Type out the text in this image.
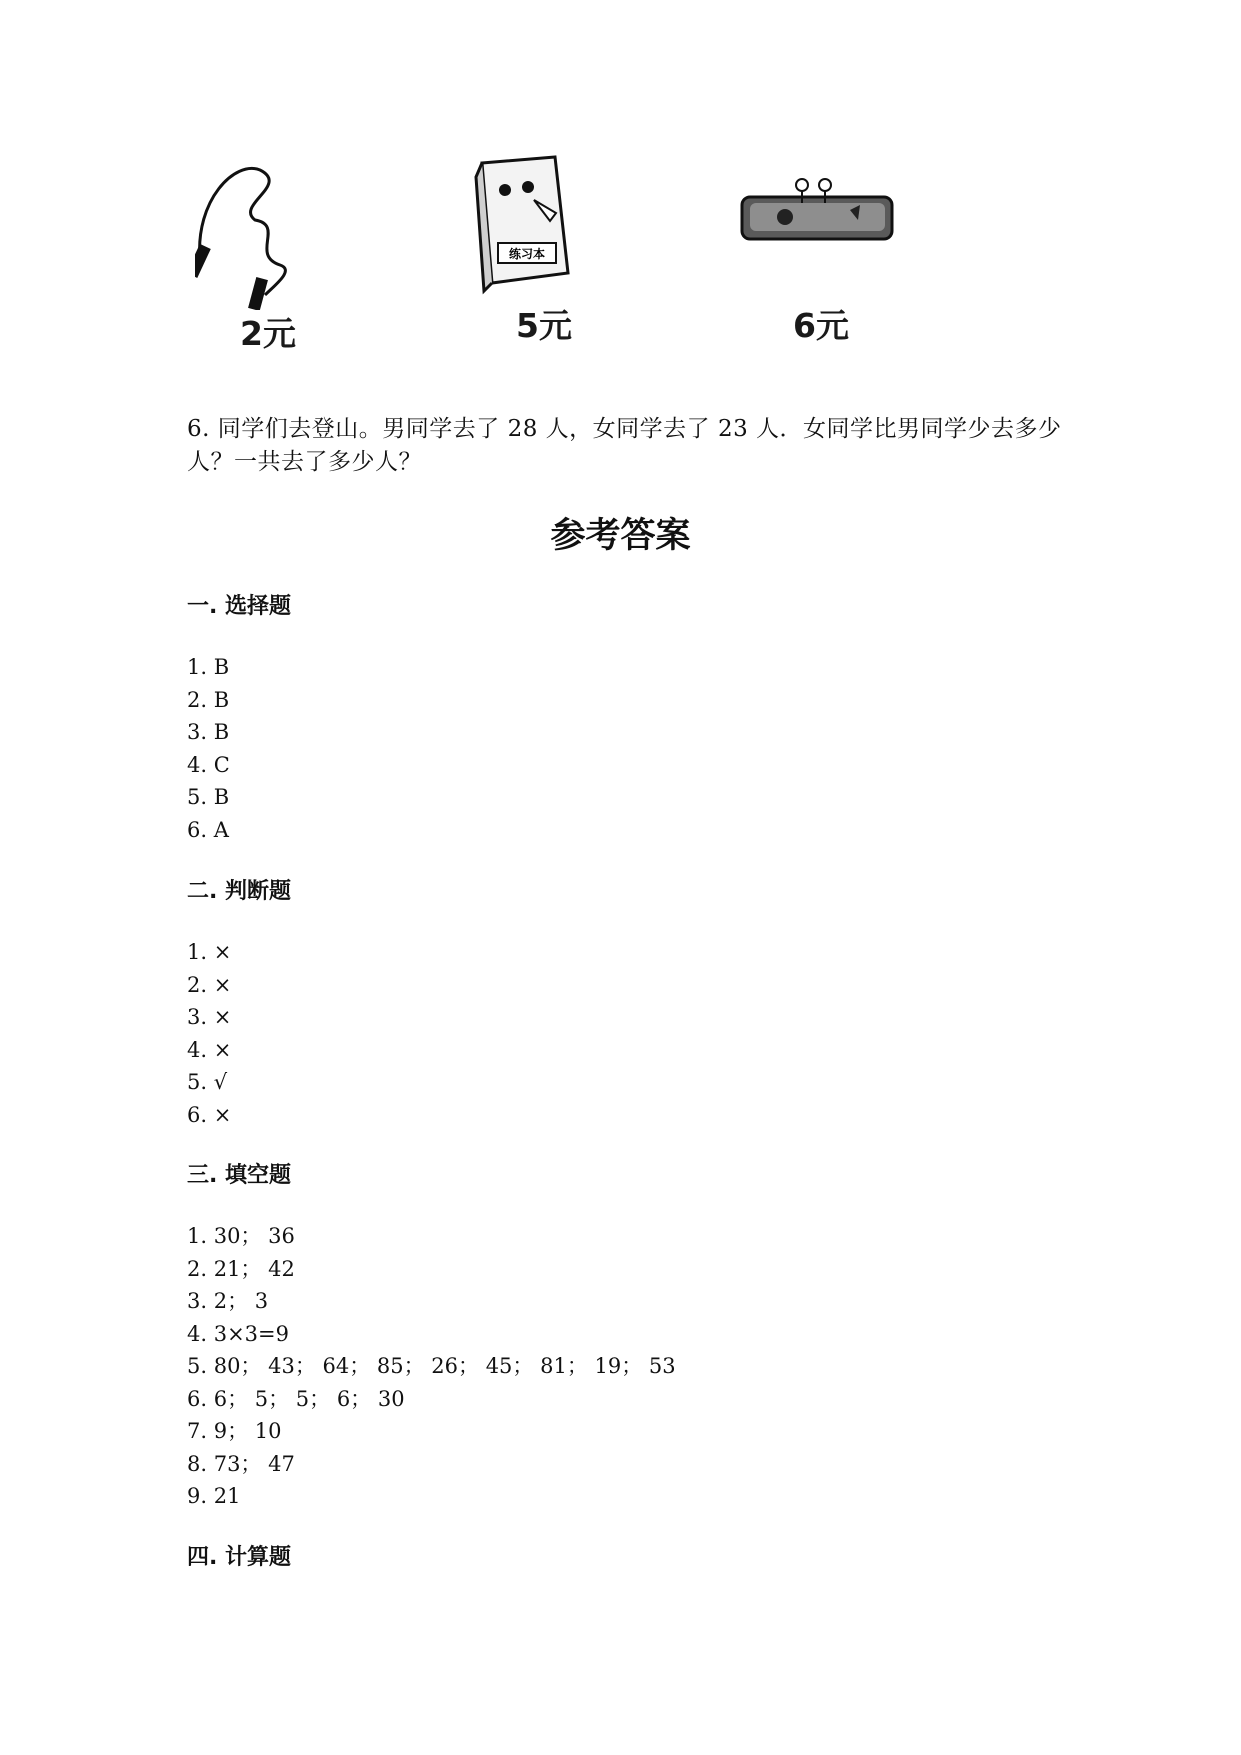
2元
练习本
5元	6元

6. 同学们去登山。男同学去了 28 人，女同学去了 23 人．女同学比男同学少去多少人？一共去了多少人？

参考答案
一. 选择题
1. B
2. B
3. B
4. C
5. B
6. A
二. 判断题
1. ×
2. ×
3. ×
4. ×
5. √
6. ×
三. 填空题
1. 30； 36
2. 21； 42
3. 2； 3
4. 3×3=9
5. 80； 43； 64； 85； 26； 45； 81； 19； 53
6. 6； 5； 5； 6； 30
7. 9； 10
8. 73； 47
9. 21
四. 计算题
